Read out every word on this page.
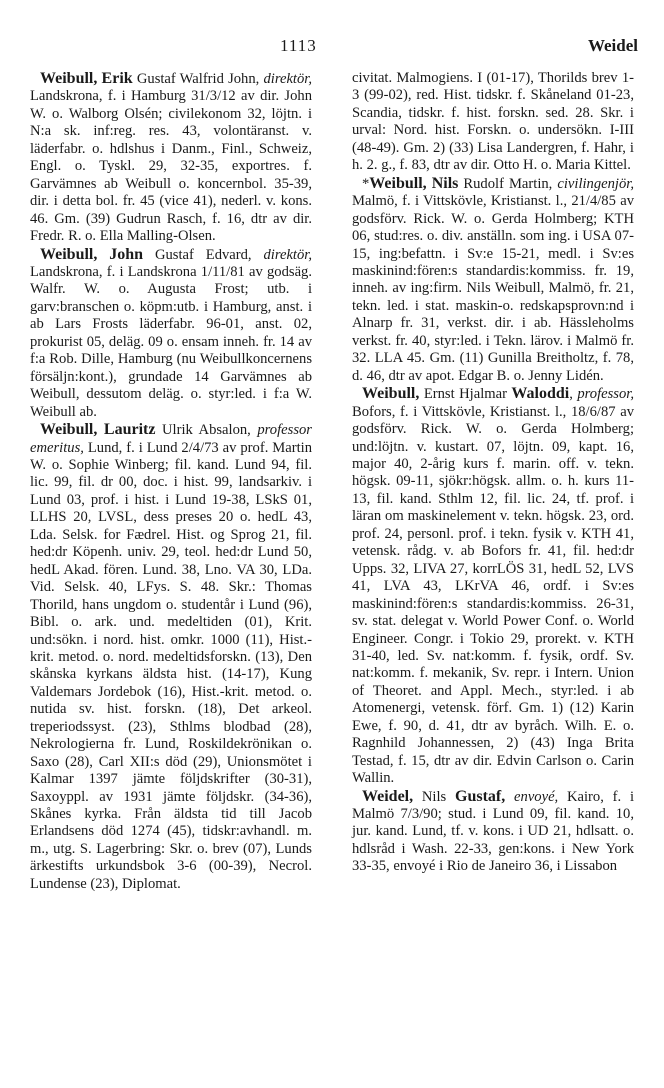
1113	Weidel

Weibull, Erik Gustaf Walfrid John, direktör, Landskrona, f. i Hamburg 31/3/12 av dir. John W. o. Walborg Olsén; civilekonom 32, löjtn. i N:a sk. inf:reg. res. 43, volontäranst. v. läderfabr. o. hdlshus i Danm., Finl., Schweiz, Engl. o. Tyskl. 29, 32-35, exportres. f. Garvämnes ab Weibull o. koncernbol. 35-39, dir. i detta bol. fr. 45 (vice 41), nederl. v. kons. 46. Gm. (39) Gudrun Rasch, f. 16, dtr av dir. Fredr. R. o. Ella Malling-Olsen.

Weibull, John Gustaf Edvard, direktör, Landskrona, f. i Landskrona 1/11/81 av godsäg. Walfr. W. o. Augusta Frost; utb. i garv:branschen o. köpm:utb. i Hamburg, anst. i ab Lars Frosts läderfabr. 96-01, anst. 02, prokurist 05, deläg. 09 o. ensam inneh. fr. 14 av f:a Rob. Dille, Hamburg (nu Weibullkoncernens försäljn:kont.), grundade 14 Garvämnes ab Weibull, dessutom deläg. o. styr:led. i f:a W. Weibull ab.

Weibull, Lauritz Ulrik Absalon, professor emeritus, Lund, f. i Lund 2/4/73 av prof. Martin W. o. Sophie Winberg; fil. kand. Lund 94, fil. lic. 99, fil. dr 00, doc. i hist. 99, landsarkiv. i Lund 03, prof. i hist. i Lund 19-38, LSkS 01, LLHS 20, LVSL, dess preses 20 o. hedL 43, Lda. Selsk. for Fædrel. Hist. og Sprog 21, fil. hed:dr Köpenh. univ. 29, teol. hed:dr Lund 50, hedL Akad. fören. Lund. 38, Lno. VA 30, LDa. Vid. Selsk. 40, LFys. S. 48. Skr.: Thomas Thorild, hans ungdom o. studentår i Lund (96), Bibl. o. ark. und. medeltiden (01), Krit. und:sökn. i nord. hist. omkr. 1000 (11), Hist.-krit. metod. o. nord. medeltidsforskn. (13), Den skånska kyrkans äldsta hist. (14-17), Kung Valdemars Jordebok (16), Hist.-krit. metod. o. nutida sv. hist. forskn. (18), Det arkeol. treperiodssyst. (23), Sthlms blodbad (28), Nekrologierna fr. Lund, Roskildekrönikan o. Saxo (28), Carl XII:s död (29), Unionsmötet i Kalmar 1397 jämte följdskrifter (30-31), Saxoуppl. av 1931 jämte följdskr. (34-36), Skånes kyrka. Från äldsta tid till Jacob Erlandsens död 1274 (45), tidskr:avhandl. m. m., utg. S. Lagerbring: Skr. o. brev (07), Lunds ärkestifts urkundsbok 3-6 (00-39), Necrol. Lundense (23), Diplomat.

civitat. Malmogiens. I (01-17), Thorilds brev 1-3 (99-02), red. Hist. tidskr. f. Skåneland 01-23, Scandia, tidskr. f. hist. forskn. sed. 28. Skr. i urval: Nord. hist. Forskn. o. undersökn. I-III (48-49). Gm. 2) (33) Lisa Landergren, f. Hahr, i h. 2. g., f. 83, dtr av dir. Otto H. o. Maria Kittel.

*Weibull, Nils Rudolf Martin, civilingenjör, Malmö, f. i Vittskövle, Kristianst. l., 21/4/85 av godsförv. Rick. W. o. Gerda Holmberg; KTH 06, stud:res. o. div. anställn. som ing. i USA 07-15, ing:befattn. i Sv:e 15-21, medl. i Sv:es maskinind:fören:s standardis:kommiss. fr. 19, inneh. av ing:firm. Nils Weibull, Malmö, fr. 21, tekn. led. i stat. maskin-o. redskapsprovn:nd i Alnarp fr. 31, verkst. dir. i ab. Hässleholms verkst. fr. 40, styr:led. i Tekn. lärov. i Malmö fr. 32. LLA 45. Gm. (11) Gunilla Breitholtz, f. 78, d. 46, dtr av apot. Edgar B. o. Jenny Lidén.

Weibull, Ernst Hjalmar Waloddi, professor, Bofors, f. i Vittskövle, Kristianst. l., 18/6/87 av godsförv. Rick. W. o. Gerda Holmberg; und:löjtn. v. kustart. 07, löjtn. 09, kapt. 16, major 40, 2-årig kurs f. marin. off. v. tekn. högsk. 09-11, sjökr:högsk. allm. o. h. kurs 11-13, fil. kand. Sthlm 12, fil. lic. 24, tf. prof. i läran om maskinelement v. tekn. högsk. 23, ord. prof. 24, personl. prof. i tekn. fysik v. KTH 41, vetensk. rådg. v. ab Bofors fr. 41, fil. hed:dr Upps. 32, LIVA 27, korrLÖS 31, hedL 52, LVS 41, LVA 43, LKrVA 46, ordf. i Sv:es maskinind:fören:s standardis:kommiss. 26-31, sv. stat. delegat v. World Power Conf. o. World Engineer. Congr. i Tokio 29, prorekt. v. KTH 31-40, led. Sv. nat:komm. f. fysik, ordf. Sv. nat:komm. f. mekanik, Sv. repr. i Intern. Union of Theoret. and Appl. Mech., styr:led. i ab Atomenergi, vetensk. förf. Gm. 1) (12) Karin Ewe, f. 90, d. 41, dtr av byråch. Wilh. E. o. Ragnhild Johannessen, 2) (43) Inga Brita Testad, f. 15, dtr av dir. Edvin Carlson o. Carin Wallin.

Weidel, Nils Gustaf, envoyé, Kairo, f. i Malmö 7/3/90; stud. i Lund 09, fil. kand. 10, jur. kand. Lund, tf. v. kons. i UD 21, hdlsatt. o. hdlsråd i Wash. 22-33, gen:kons. i New York 33-35, envoyé i Rio de Janeiro 36, i Lissabon
